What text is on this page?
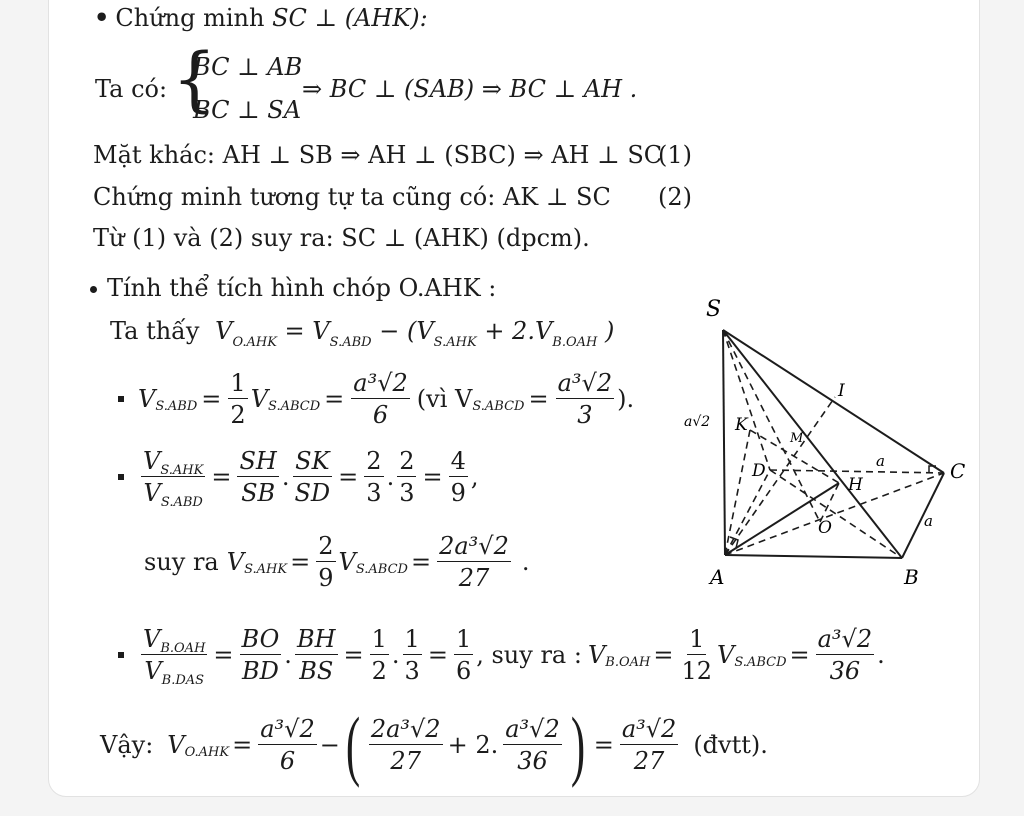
• Chứng minh SC ⊥ (AHK):
Ta có: {
BC ⊥ AB
BC ⊥ SA
⇒ BC ⊥ (SAB) ⇒ BC ⊥ AH .
Mặt khác: AH ⊥ SB ⇒ AH ⊥ (SBC) ⇒ AH ⊥ SC
(1)
Chứng minh tương tự ta cũng có: AK ⊥ SC (2)
Từ (1) và (2) suy ra: SC ⊥ (AHK) (dpcm).
Tính thể tích hình chóp O.AHK :
Ta thấy $V_{O.AHK} = V_{S.ABD} - (V_{S.AHK} + 2.V_{B.OAH}$ )
V $S.ABD = \frac{1}{2}$ V S.ABCD = $\frac{\text{a³√2}}{6}$ (vì V S.ABCD = $\frac{\text{a³√2}}{3}$ ).
$\frac{V_{S.AHK}}{V_{S.ABD}} = \frac{SH}{SB}$ . $\frac{SK}{SD} = \frac{2}{3}$ . $\frac{2}{3} = \frac{4}{9}$ ,
suy ra V $S.AHK = \frac{2}{9}$ V S.ABCD = $\frac{\text{2a³√2}}{27}$ .
$\frac{V_{B.OAH}}{V_{B.DAS}} = \frac{BO}{BD}$ . $\frac{BH}{BS} = \frac{1}{2}$ . $\frac{1}{3} = \frac{1}{6}$ , suy ra : V $B.OAH = \frac{1}{12}$ V S.ABCD = $\frac{\text{a³√2}}{36}$ .
Vậy: V $O.AHK = \frac{\text{a³√2}}{6}$ − ( $\frac{\text{2a³√2}}{27} + 2$. $\frac{\text{a³√2}}{36}$ ) = $\frac{\text{a³√2}}{27}$ (đvtt).
S
A	B
C
D
H
K
I
O
M
a√2
a
a
